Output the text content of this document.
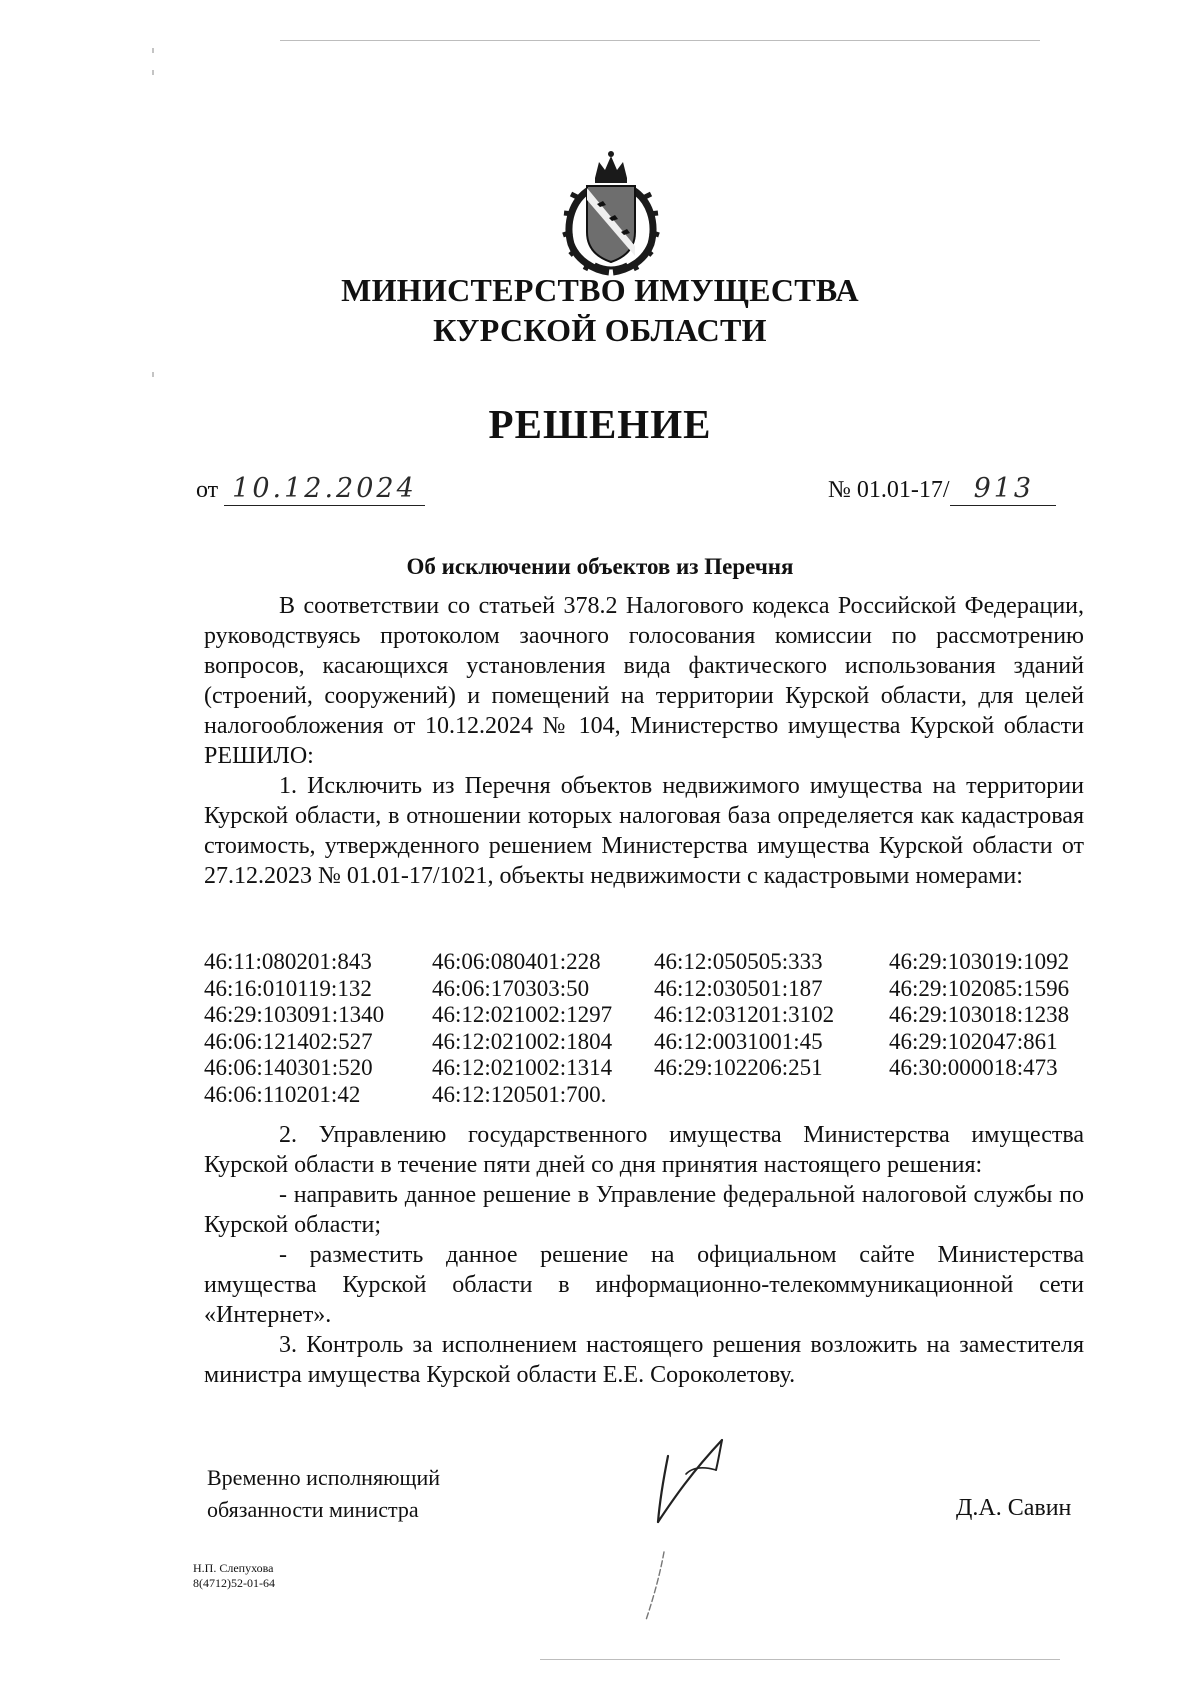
МИНИСТЕРСТВО ИМУЩЕСТВА
КУРСКОЙ ОБЛАСТИ
РЕШЕНИЕ
от 10.12.2024	№ 01.01-17/ 913
Об исключении объектов из Перечня

В соответствии со статьей 378.2 Налогового кодекса Российской Федерации, руководствуясь протоколом заочного голосования комиссии по рассмотрению вопросов, касающихся установления вида фактического использования зданий (строений, сооружений) и помещений на территории Курской области, для целей налогообложения от 10.12.2024 № 104, Министерство имущества Курской области РЕШИЛО:

1. Исключить из Перечня объектов недвижимого имущества на территории Курской области, в отношении которых налоговая база определяется как кадастровая стоимость, утвержденного решением Министерства имущества Курской области от 27.12.2023 № 01.01-17/1021, объекты недвижимости с кадастровыми номерами:

46:11:080201:843	46:06:080401:228	46:12:050505:333	46:29:103019:1092
46:16:010119:132	46:06:170303:50	46:12:030501:187	46:29:102085:1596
46:29:103091:1340	46:12:021002:1297	46:12:031201:3102	46:29:103018:1238
46:06:121402:527	46:12:021002:1804	46:12:0031001:45	46:29:102047:861
46:06:140301:520	46:12:021002:1314	46:29:102206:251	46:30:000018:473
46:06:110201:42	46:12:120501:700.

2. Управлению государственного имущества Министерства имущества Курской области в течение пяти дней со дня принятия настоящего решения:

- направить данное решение в Управление федеральной налоговой службы по Курской области;

- разместить данное решение на официальном сайте Министерства имущества Курской области в информационно-телекоммуникационной сети «Интернет».

3. Контроль за исполнением настоящего решения возложить на заместителя министра имущества Курской области Е.Е. Сороколетову.

Временно исполняющий
обязанности министра	Д.А. Савин
Н.П. Слепухова
8(4712)52-01-64
